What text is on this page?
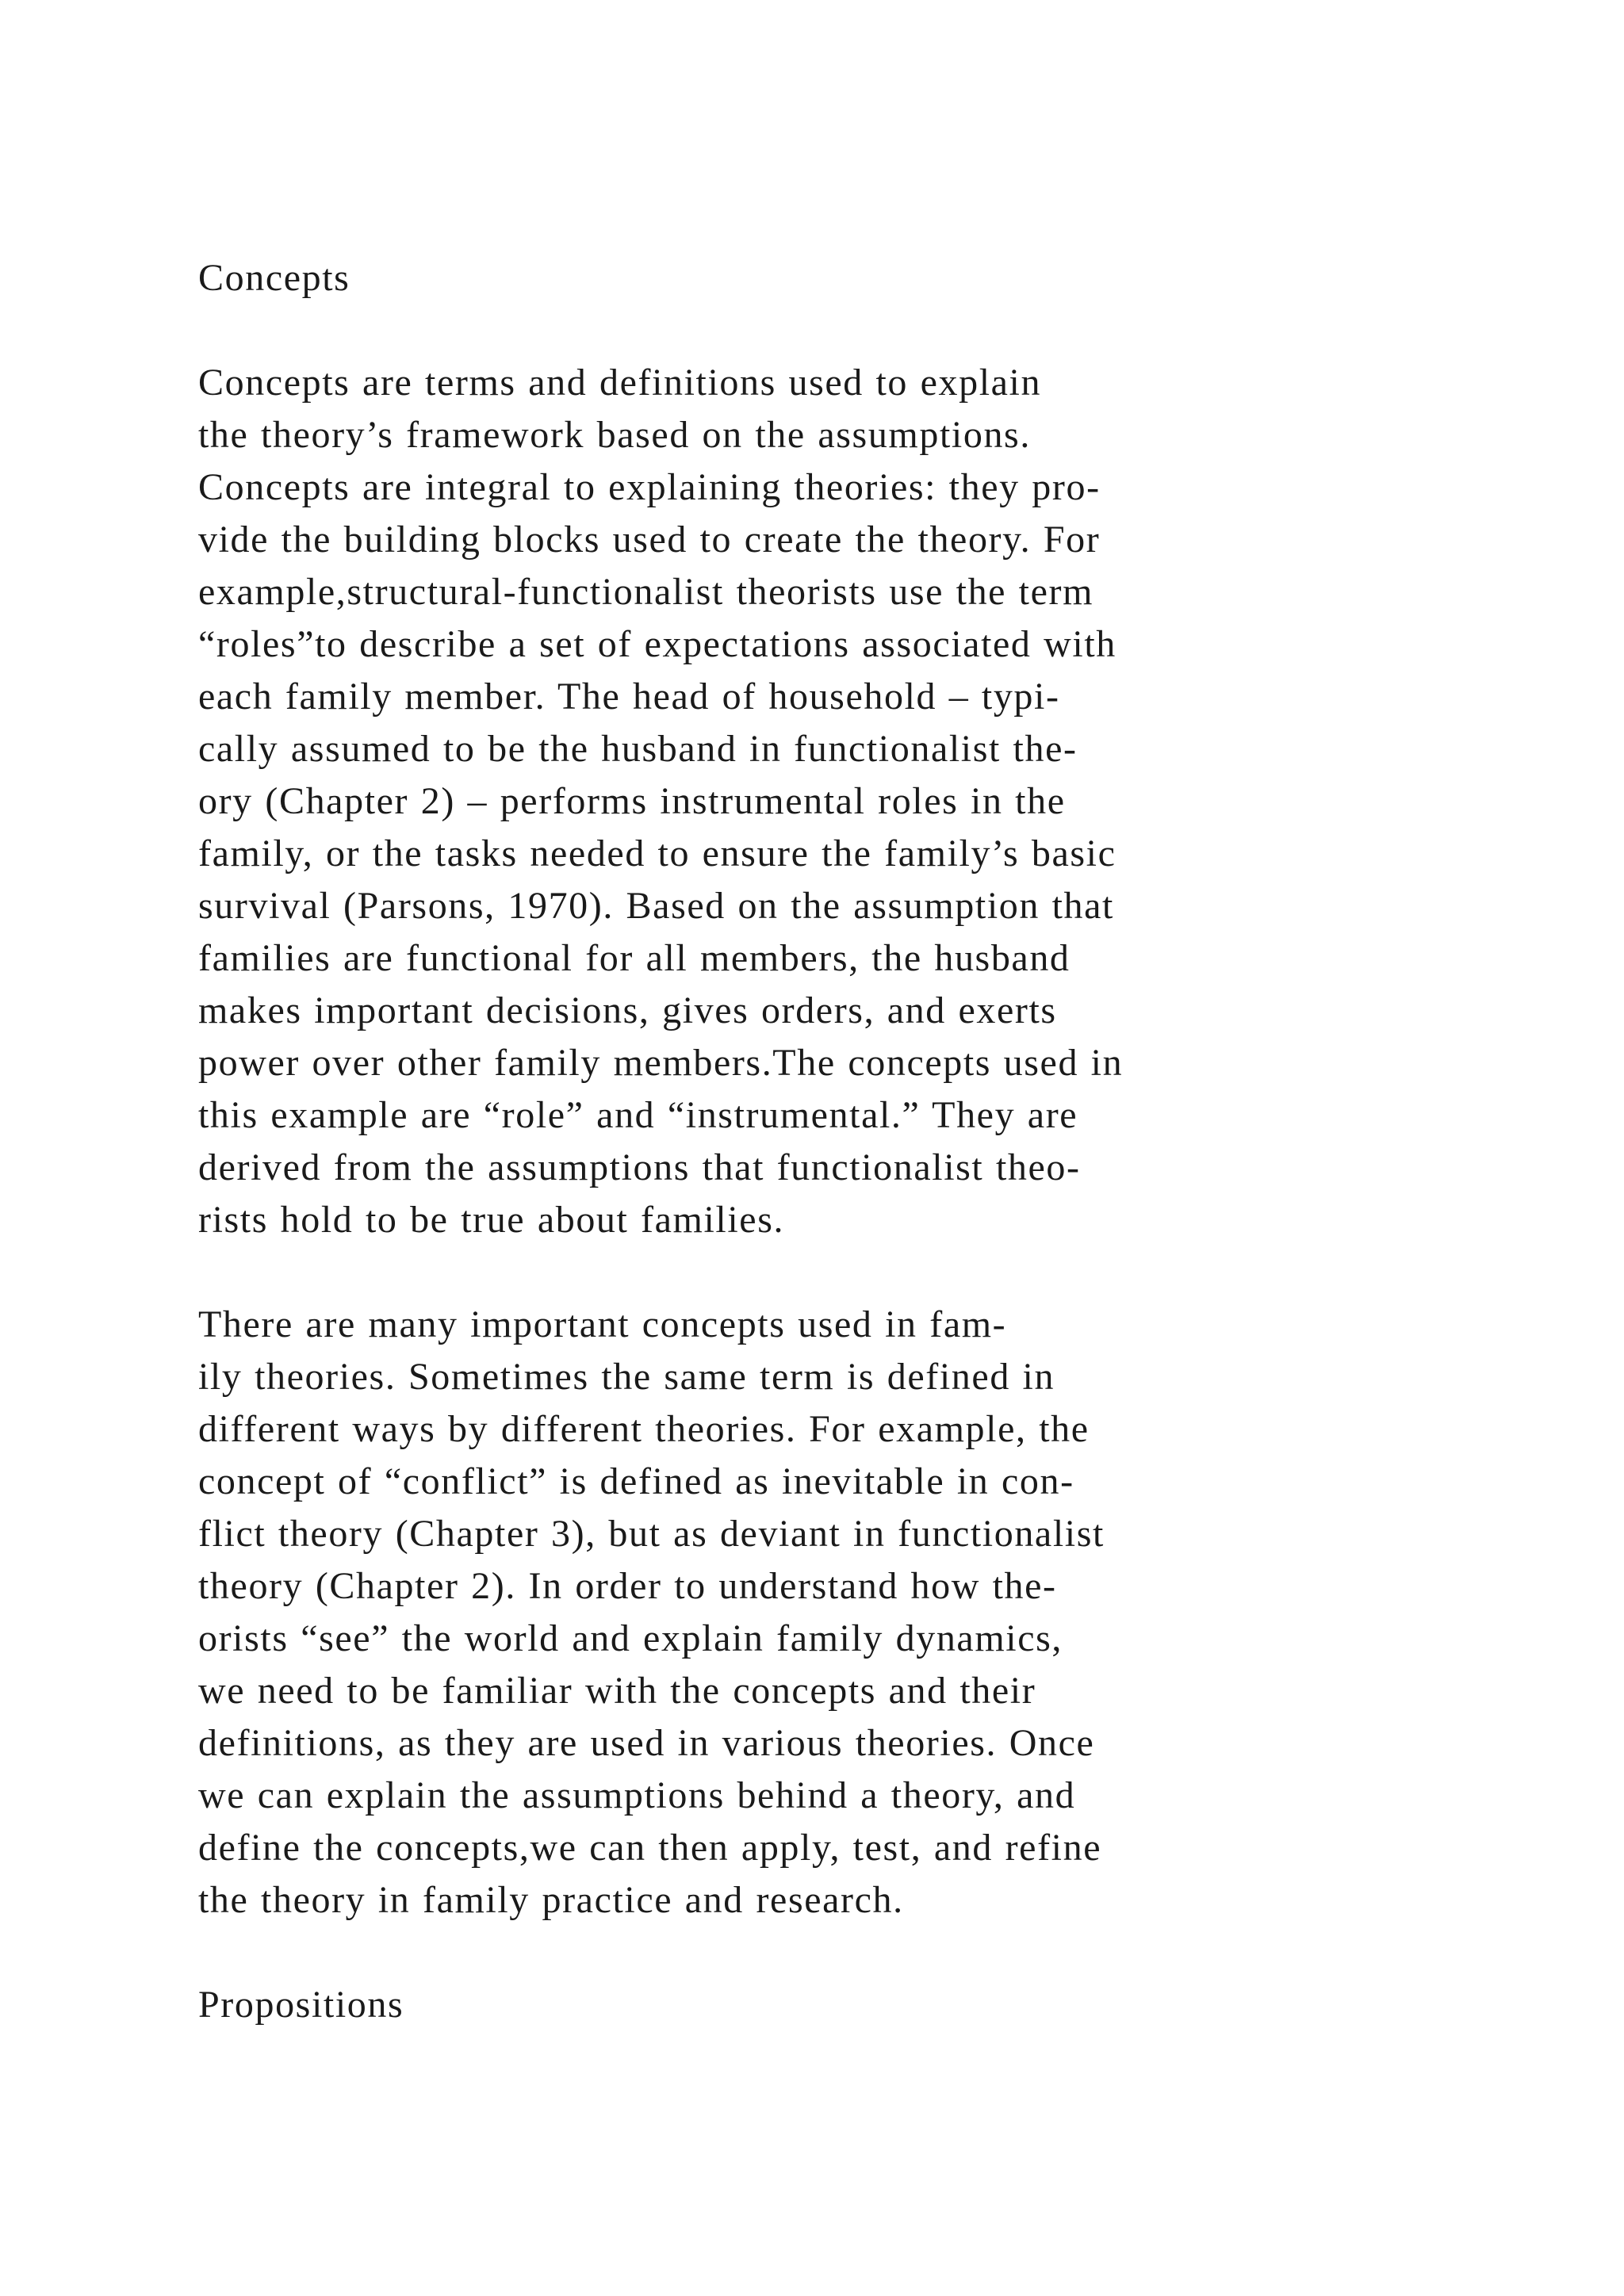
Concepts

Concepts are terms and definitions used to explain
the theory’s framework based on the assumptions.
Concepts are integral to explaining theories: they pro-
vide the building blocks used to create the theory. For
example,structural-functionalist theorists use the term
“roles”to describe a set of expectations associated with
each family member. The head of household – typi-
cally assumed to be the husband in functionalist the-
ory (Chapter 2) – performs instrumental roles in the
family, or the tasks needed to ensure the family’s basic
survival (Parsons, 1970). Based on the assumption that
families are functional for all members, the husband
makes important decisions, gives orders, and exerts
power over other family members.The concepts used in
this example are “role” and “instrumental.” They are
derived from the assumptions that functionalist theo-
rists hold to be true about families.

There are many important concepts used in fam-
ily theories. Sometimes the same term is defined in
different ways by different theories. For example, the
concept of “conflict” is defined as inevitable in con-
flict theory (Chapter 3), but as deviant in functionalist
theory (Chapter 2). In order to understand how the-
orists “see” the world and explain family dynamics,
we need to be familiar with the concepts and their
definitions, as they are used in various theories. Once
we can explain the assumptions behind a theory, and
define the concepts,we can then apply, test, and refine
the theory in family practice and research.

Propositions
